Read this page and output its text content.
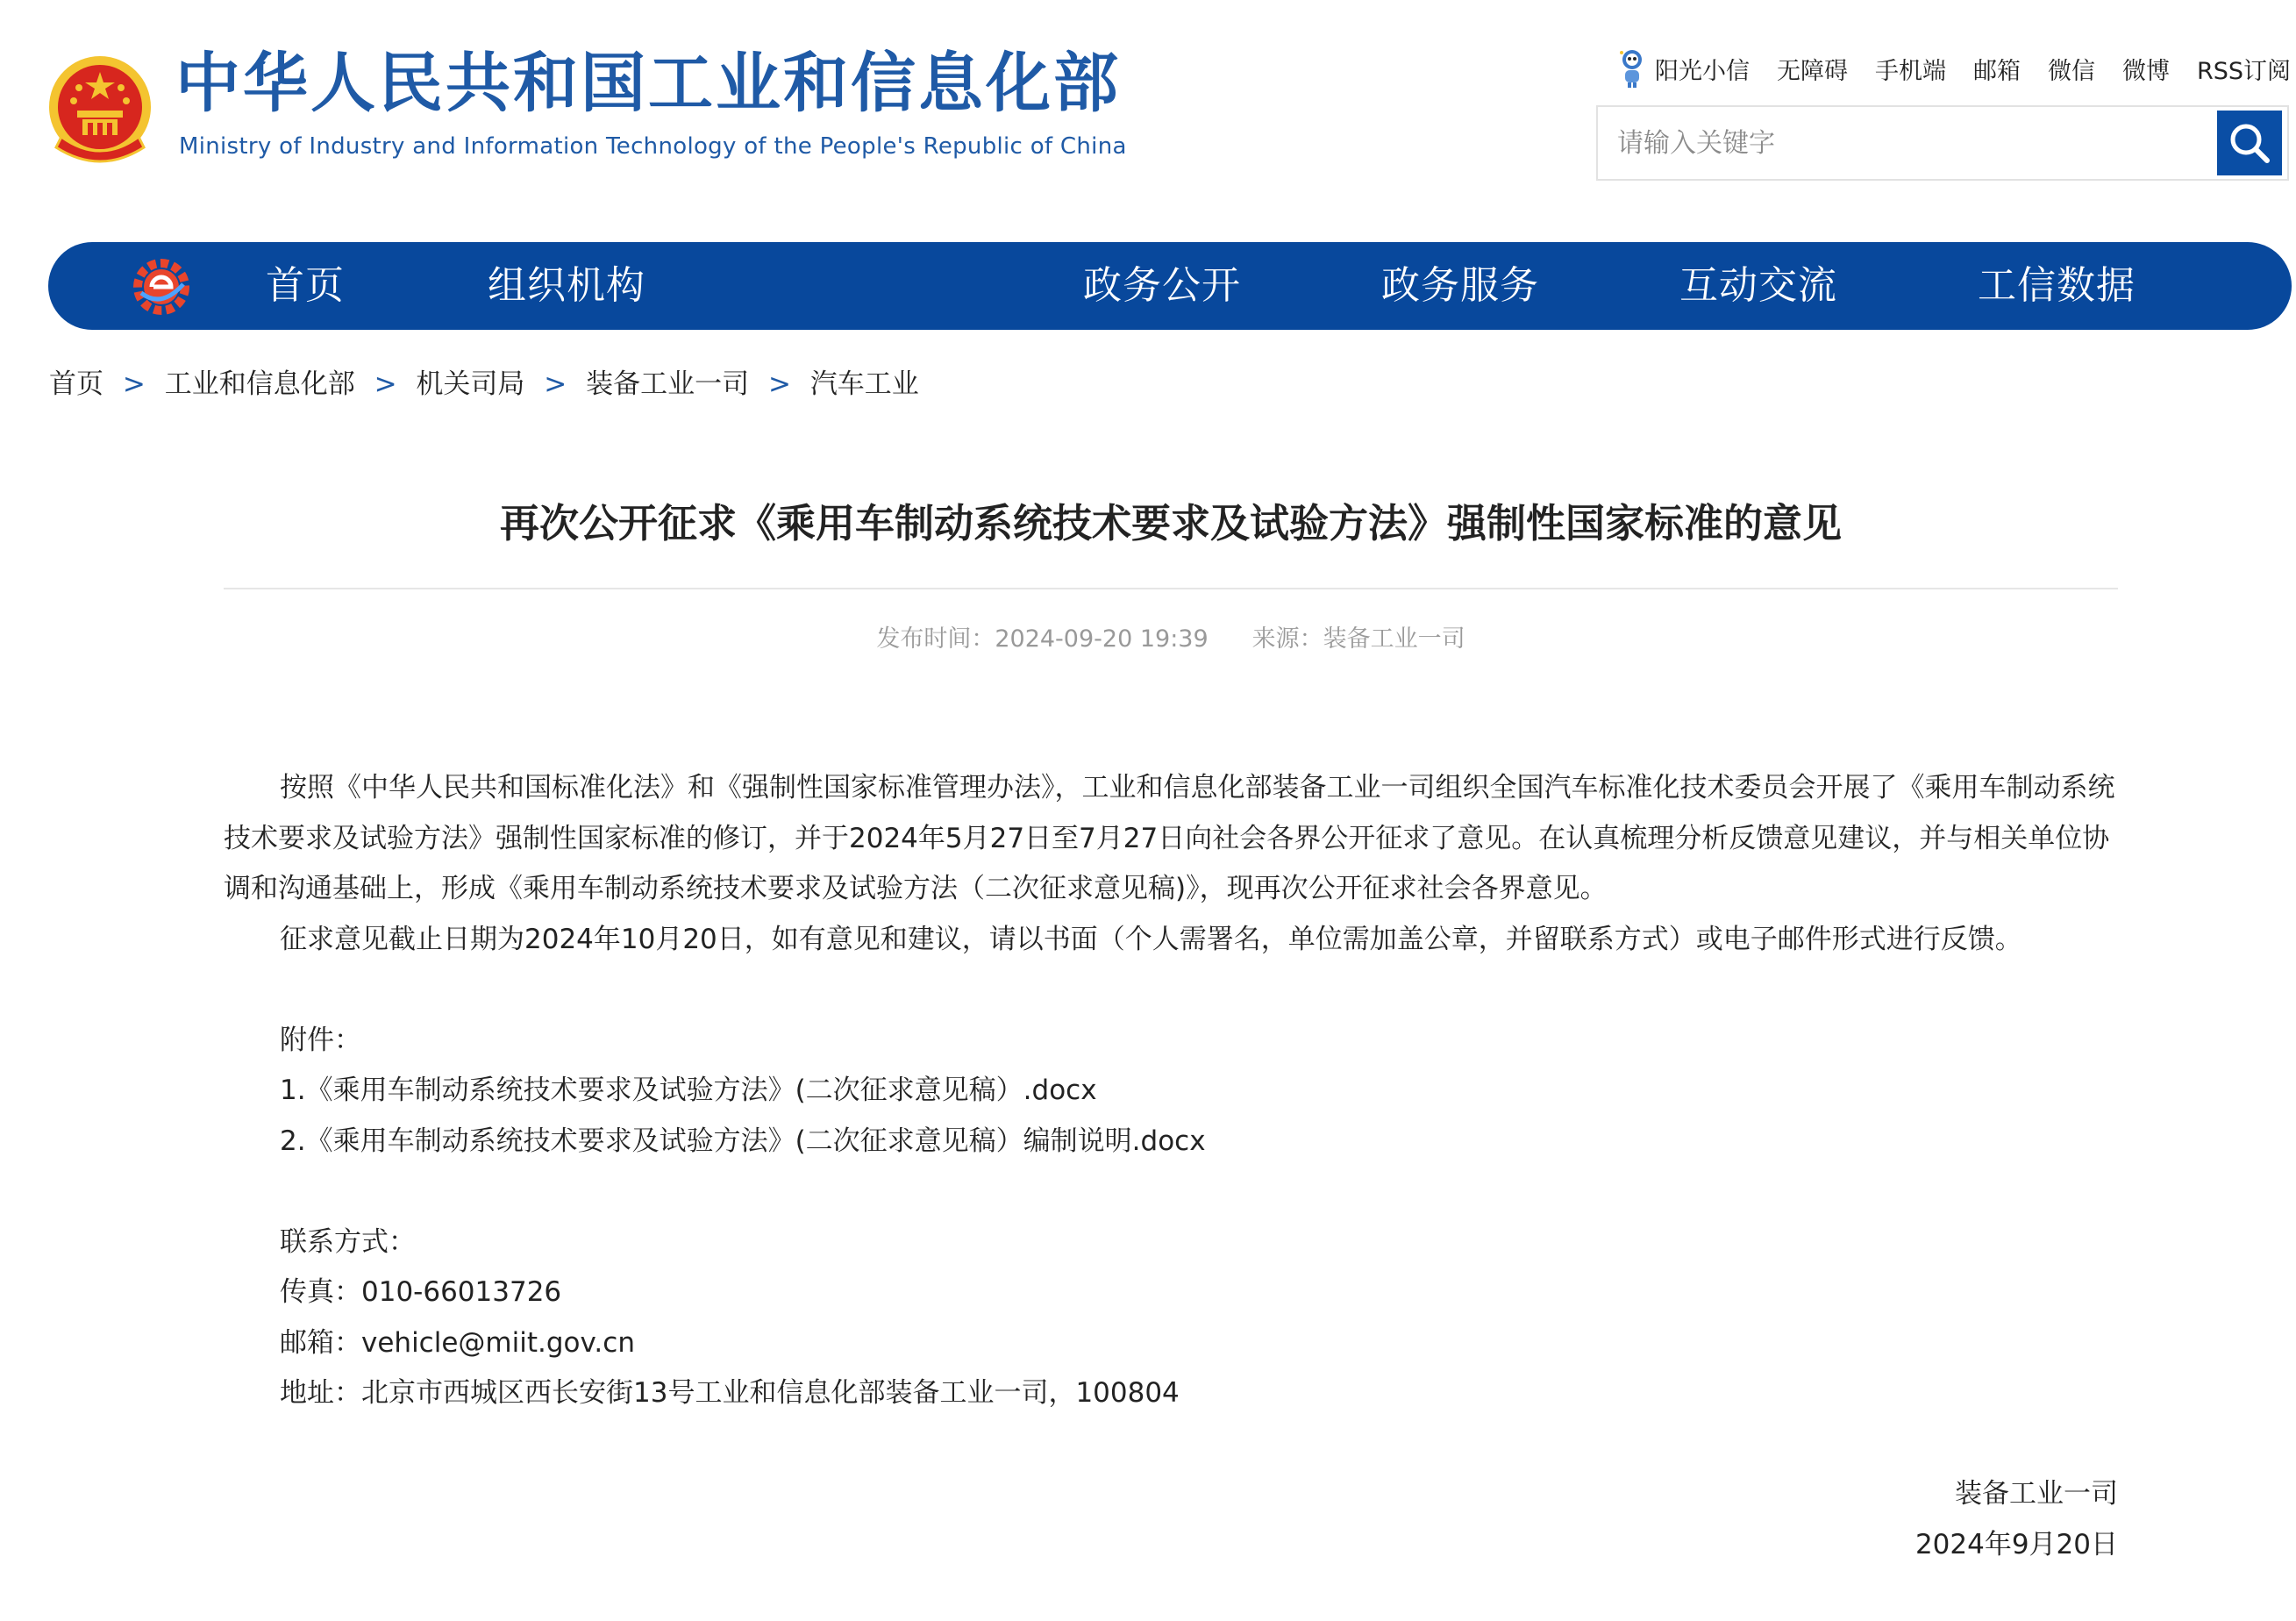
中华人民共和国工业和信息化部
Ministry of Industry and Information Technology of the People's Republic of China
阳光小信 无障碍 手机端 邮箱 微信 微博 RSS订阅
请输入关键字
首页	组织机构	政务公开	政务服务	互动交流	工信数据
首页 > 工业和信息化部 > 机关司局 > 装备工业一司 > 汽车工业
再次公开征求《乘用车制动系统技术要求及试验方法》强制性国家标准的意见
发布时间：2024-09-20 19:39 来源：装备工业一司

按照《中华人民共和国标准化法》和《强制性国家标准管理办法》，工业和信息化部装备工业一司组织全国汽车标准化技术委员会开展了《乘用车制动系统技术要求及试验方法》强制性国家标准的修订，并于2024年5月27日至7月27日向社会各界公开征求了意见。在认真梳理分析反馈意见建议，并与相关单位协调和沟通基础上，形成《乘用车制动系统技术要求及试验方法（二次征求意见稿)》，现再次公开征求社会各界意见。

征求意见截止日期为2024年10月20日，如有意见和建议，请以书面（个人需署名，单位需加盖公章，并留联系方式）或电子邮件形式进行反馈。

附件：

1.《乘用车制动系统技术要求及试验方法》(二次征求意见稿）.docx

2.《乘用车制动系统技术要求及试验方法》(二次征求意见稿）编制说明.docx

联系方式：

传真：010-66013726

邮箱：vehicle@miit.gov.cn

地址：北京市西城区西长安街13号工业和信息化部装备工业一司，100804

装备工业一司

2024年9月20日
